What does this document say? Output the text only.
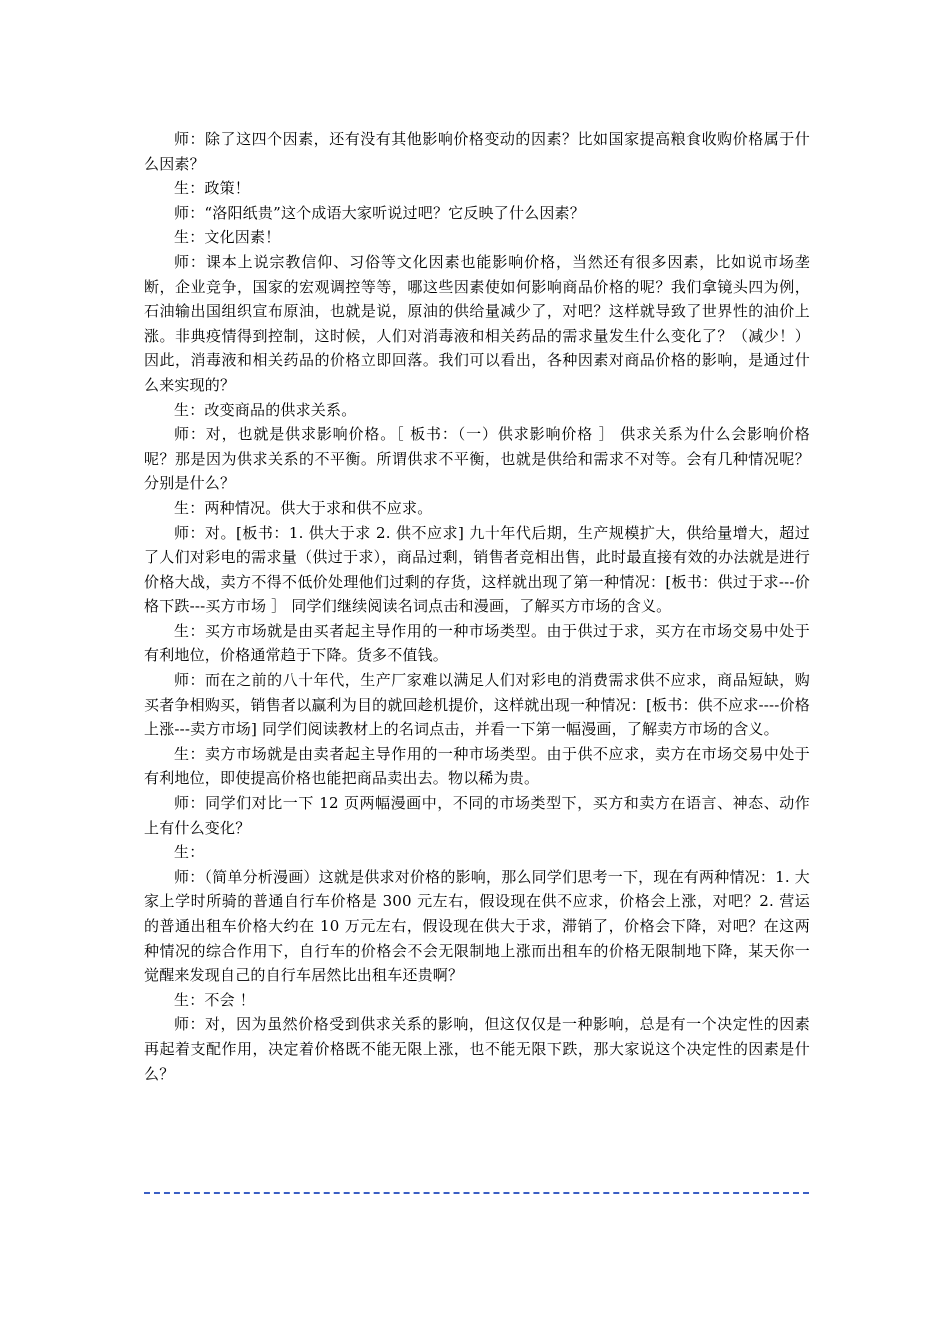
师：除了这四个因素，还有没有其他影响价格变动的因素？比如国家提高粮食收购价格属于什么因素？

生：政策！

师：“洛阳纸贵”这个成语大家听说过吧？它反映了什么因素？

生：文化因素！

师：课本上说宗教信仰、习俗等文化因素也能影响价格，当然还有很多因素，比如说市场垄断，企业竞争，国家的宏观调控等等，哪这些因素使如何影响商品价格的呢？我们拿镜头四为例，石油输出国组织宣布原油，也就是说，原油的供给量减少了，对吧？这样就导致了世界性的油价上涨。非典疫情得到控制，这时候，人们对消毒液和相关药品的需求量发生什么变化了？（减少！）因此，消毒液和相关药品的价格立即回落。我们可以看出，各种因素对商品价格的影响，是通过什么来实现的？

生：改变商品的供求关系。

师：对，也就是供求影响价格。［ 板书：（一）供求影响价格 ］ 供求关系为什么会影响价格呢？那是因为供求关系的不平衡。所谓供求不平衡，也就是供给和需求不对等。会有几种情况呢？分别是什么？

生：两种情况。供大于求和供不应求。

师：对。[板书：1. 供大于求 2. 供不应求] 九十年代后期，生产规模扩大，供给量增大，超过了人们对彩电的需求量（供过于求），商品过剩，销售者竞相出售，此时最直接有效的办法就是进行价格大战，卖方不得不低价处理他们过剩的存货，这样就出现了第一种情况：[板书：供过于求---价格下跌---买方市场 ］ 同学们继续阅读名词点击和漫画，了解买方市场的含义。

生：买方市场就是由买者起主导作用的一种市场类型。由于供过于求，买方在市场交易中处于有利地位，价格通常趋于下降。货多不值钱。

师：而在之前的八十年代，生产厂家难以满足人们对彩电的消费需求供不应求，商品短缺，购买者争相购买，销售者以赢利为目的就回趁机提价，这样就出现一种情况：[板书：供不应求----价格上涨---卖方市场] 同学们阅读教材上的名词点击，并看一下第一幅漫画，了解卖方市场的含义。

生：卖方市场就是由卖者起主导作用的一种市场类型。由于供不应求，卖方在市场交易中处于有利地位，即使提高价格也能把商品卖出去。物以稀为贵。

师：同学们对比一下 12 页两幅漫画中，不同的市场类型下，买方和卖方在语言、神态、动作上有什么变化？

生：

师：（简单分析漫画）这就是供求对价格的影响，那么同学们思考一下，现在有两种情况：1. 大家上学时所骑的普通自行车价格是 300 元左右，假设现在供不应求，价格会上涨，对吧？2. 营运的普通出租车价格大约在 10 万元左右，假设现在供大于求，滞销了，价格会下降，对吧？在这两种情况的综合作用下，自行车的价格会不会无限制地上涨而出租车的价格无限制地下降，某天你一觉醒来发现自己的自行车居然比出租车还贵啊？

生：不会 ！

师：对，因为虽然价格受到供求关系的影响，但这仅仅是一种影响，总是有一个决定性的因素再起着支配作用，决定着价格既不能无限上涨，也不能无限下跌，那大家说这个决定性的因素是什么？
